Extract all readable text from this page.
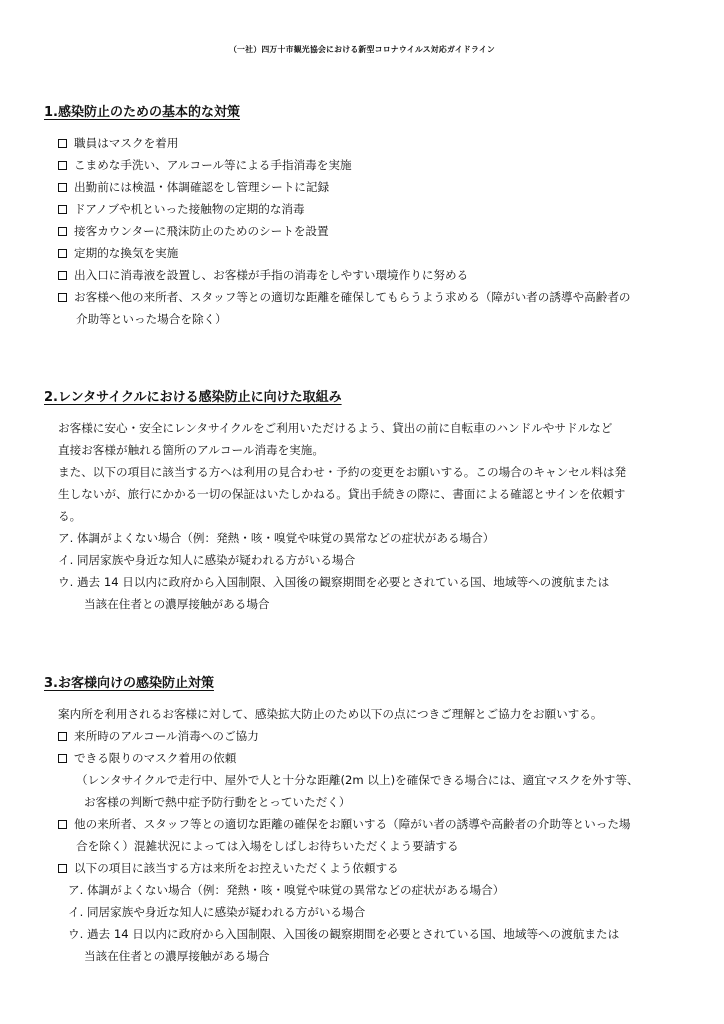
（一社）四万十市観光協会における新型コロナウイルス対応ガイドライン
1.感染防止のための基本的な対策
職員はマスクを着用
こまめな手洗い、アルコール等による手指消毒を実施
出勤前には検温・体調確認をし管理シートに記録
ドアノブや机といった接触物の定期的な消毒
接客カウンターに飛沫防止のためのシートを設置
定期的な換気を実施
出入口に消毒液を設置し、お客様が手指の消毒をしやすい環境作りに努める
お客様へ他の来所者、スタッフ等との適切な距離を確保してもらうよう求める（障がい者の誘導や高齢者の
介助等といった場合を除く）
2.レンタサイクルにおける感染防止に向けた取組み
お客様に安心・安全にレンタサイクルをご利用いただけるよう、貸出の前に自転車のハンドルやサドルなど
直接お客様が触れる箇所のアルコール消毒を実施。
また、以下の項目に該当する方へは利用の見合わせ・予約の変更をお願いする。この場合のキャンセル料は発
生しないが、旅行にかかる一切の保証はいたしかねる。貸出手続きの際に、書面による確認とサインを依頼す
る。
ア. 体調がよくない場合（例：発熱・咳・嗅覚や味覚の異常などの症状がある場合）
イ. 同居家族や身近な知人に感染が疑われる方がいる場合
ウ. 過去 14 日以内に政府から入国制限、入国後の観察期間を必要とされている国、地域等への渡航または
当該在住者との濃厚接触がある場合
3.お客様向けの感染防止対策
案内所を利用されるお客様に対して、感染拡大防止のため以下の点につきご理解とご協力をお願いする。
来所時のアルコール消毒へのご協力
できる限りのマスク着用の依頼
（レンタサイクルで走行中、屋外で人と十分な距離(2m 以上)を確保できる場合には、適宜マスクを外す等、
お客様の判断で熱中症予防行動をとっていただく）
他の来所者、スタッフ等との適切な距離の確保をお願いする（障がい者の誘導や高齢者の介助等といった場
合を除く）混雑状況によっては入場をしばしお待ちいただくよう要請する
以下の項目に該当する方は来所をお控えいただくよう依頼する
ア. 体調がよくない場合（例：発熱・咳・嗅覚や味覚の異常などの症状がある場合）
イ. 同居家族や身近な知人に感染が疑われる方がいる場合
ウ. 過去 14 日以内に政府から入国制限、入国後の観察期間を必要とされている国、地域等への渡航または
当該在住者との濃厚接触がある場合
